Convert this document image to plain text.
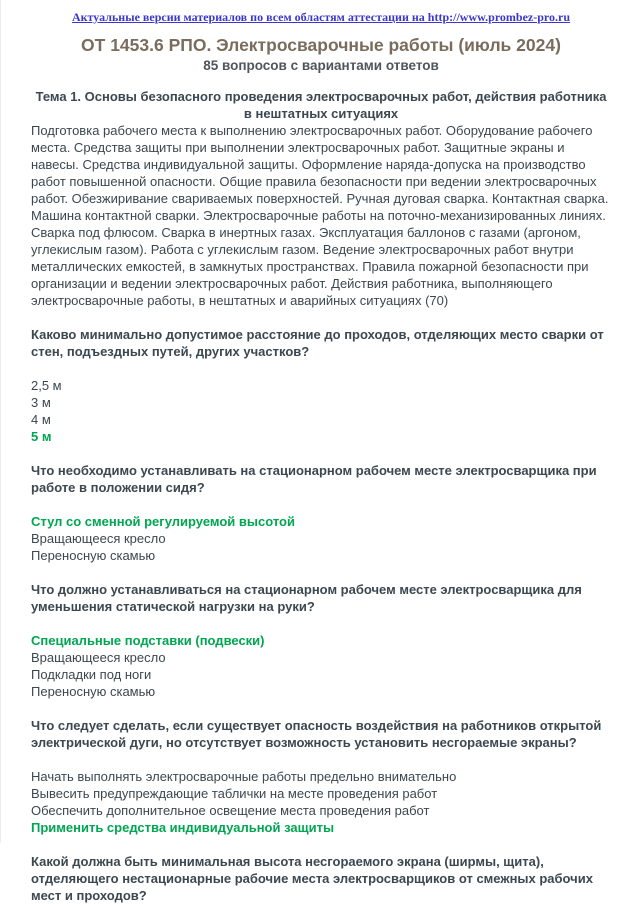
Актуальные версии материалов по всем областям аттестации на http://www.prombez-pro.ru
ОТ 1453.6 РПО. Электросварочные работы (июль 2024)
85 вопросов с вариантами ответов
Тема 1. Основы безопасного проведения электросварочных работ, действия работника в нештатных ситуациях

Подготовка рабочего места к выполнению электросварочных работ. Оборудование рабочего места. Средства защиты при выполнении электросварочных работ. Защитные экраны и навесы. Средства индивидуальной защиты. Оформление наряда-допуска на производство работ повышенной опасности. Общие правила безопасности при ведении электросварочных работ. Обезжиривание свариваемых поверхностей. Ручная дуговая сварка. Контактная сварка. Машина контактной сварки. Электросварочные работы на поточно-механизированных линиях. Сварка под флюсом. Сварка в инертных газах. Эксплуатация баллонов с газами (аргоном, углекислым газом). Работа с углекислым газом. Ведение электросварочных работ внутри металлических емкостей, в замкнутых пространствах. Правила пожарной безопасности при организации и ведении электросварочных работ. Действия работника, выполняющего электросварочные работы, в нештатных и аварийных ситуациях (70)

Каково минимально допустимое расстояние до проходов, отделяющих место сварки от стен, подъездных путей, других участков?

2,5 м
3 м
4 м
5 м

Что необходимо устанавливать на стационарном рабочем месте электросварщика при работе в положении сидя?

Стул со сменной регулируемой высотой
Вращающееся кресло
Переносную скамью

Что должно устанавливаться на стационарном рабочем месте электросварщика для уменьшения статической нагрузки на руки?

Специальные подставки (подвески)
Вращающееся кресло
Подкладки под ноги
Переносную скамью

Что следует сделать, если существует опасность воздействия на работников открытой электрической дуги, но отсутствует возможность установить несгораемые экраны?

Начать выполнять электросварочные работы предельно внимательно
Вывесить предупреждающие таблички на месте проведения работ
Обеспечить дополнительное освещение места проведения работ
Применить средства индивидуальной защиты

Какой должна быть минимальная высота несгораемого экрана (ширмы, щита), отделяющего нестационарные рабочие места электросварщиков от смежных рабочих мест и проходов?
